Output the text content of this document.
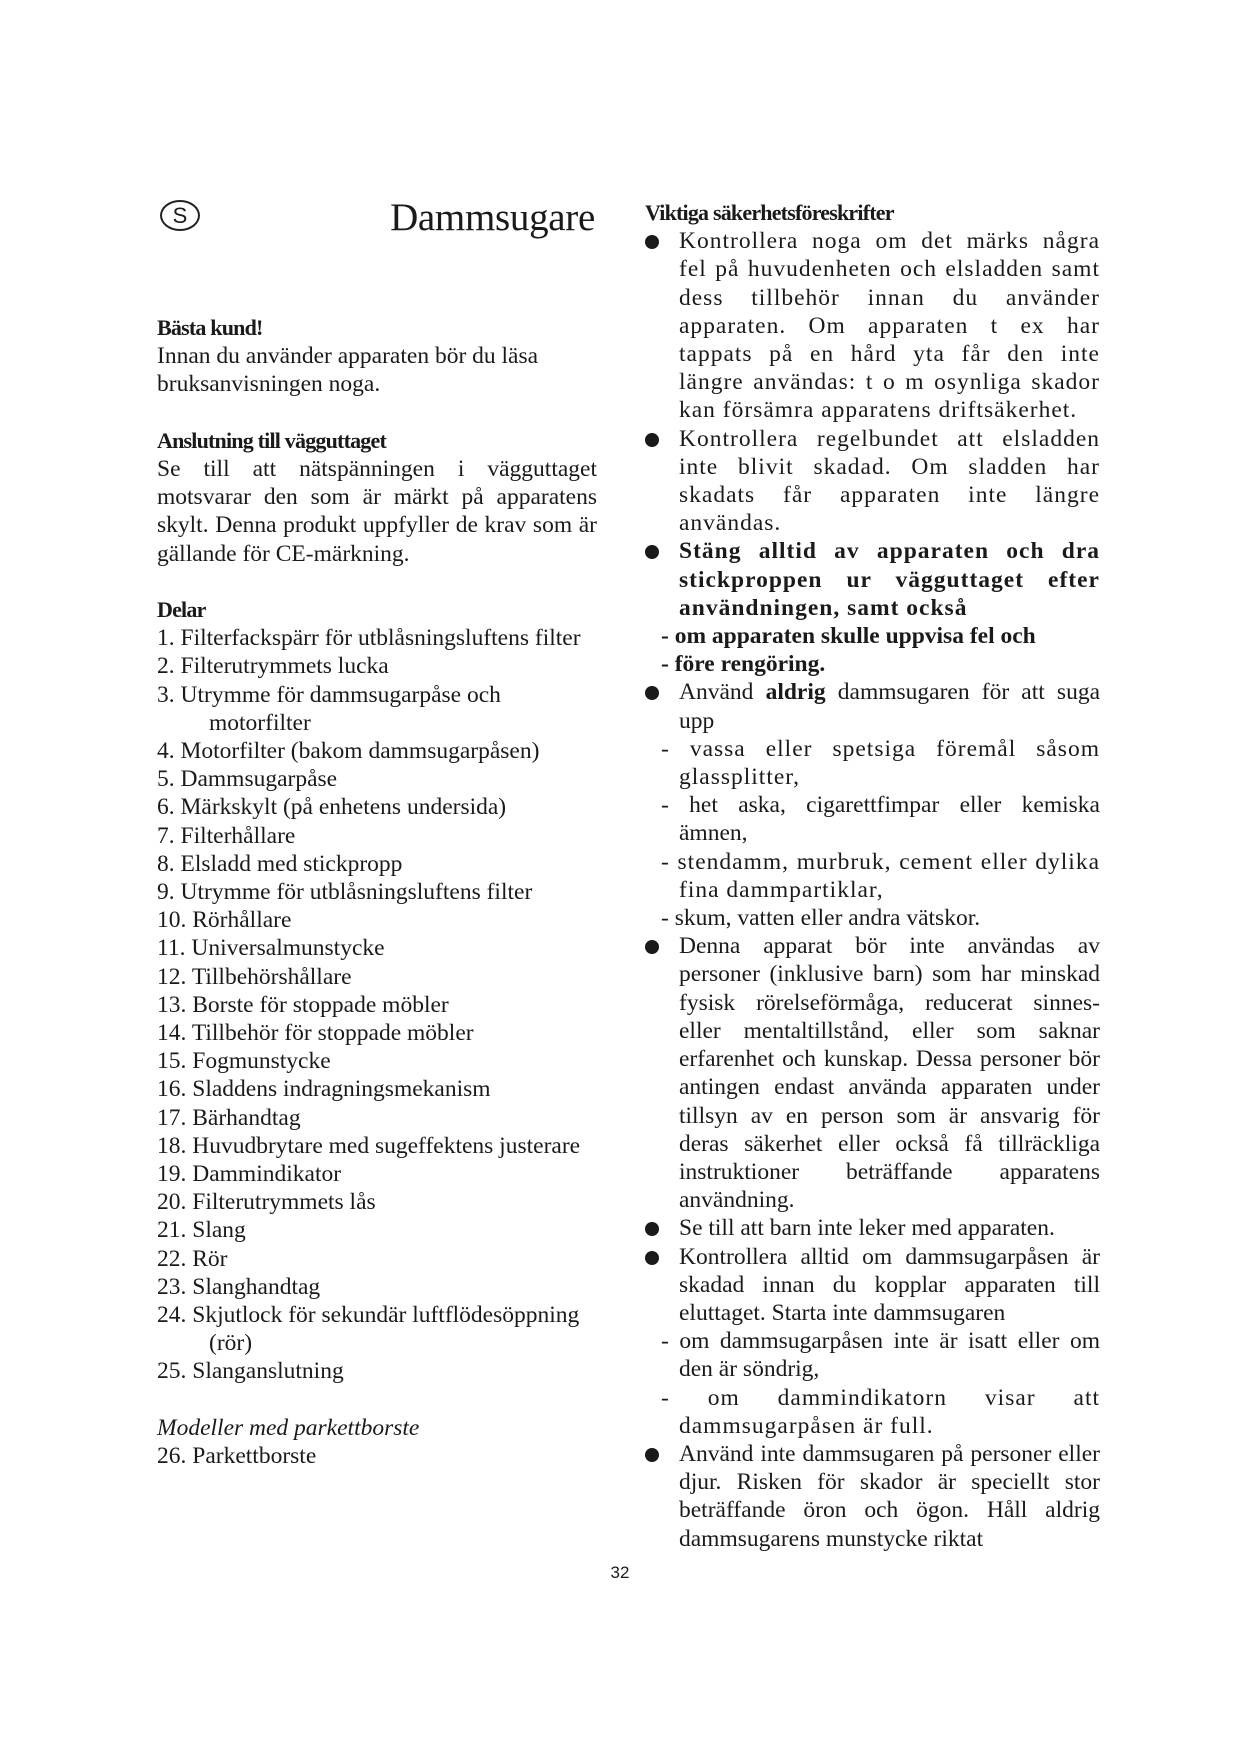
S	Dammsugare
Bästa kund!

Innan du använder apparaten bör du läsa bruksanvisningen noga.

Anslutning till vägguttaget

Se till att nätspänningen i vägguttaget motsvarar den som är märkt på apparatens skylt. Denna produkt uppfyller de krav som är gällande för CE-märkning.

Delar
1. Filterfackspärr för utblåsningsluftens filter
2. Filterutrymmets lucka
3. Utrymme för dammsugarpåse och motorfilter
4. Motorfilter (bakom dammsugarpåsen)
5. Dammsugarpåse
6. Märkskylt (på enhetens undersida)
7. Filterhållare
8. Elsladd med stickpropp
9. Utrymme för utblåsningsluftens filter
10. Rörhållare
11. Universalmunstycke
12. Tillbehörshållare
13. Borste för stoppade möbler
14. Tillbehör för stoppade möbler
15. Fogmunstycke
16. Sladdens indragningsmekanism
17. Bärhandtag
18. Huvudbrytare med sugeffektens justerare
19. Dammindikator
20. Filterutrymmets lås
21. Slang
22. Rör
23. Slanghandtag
24. Skjutlock för sekundär luftflödesöppning (rör)
25. Slanganslutning

Modeller med parkettborste

26. Parkettborste

Viktiga säkerhetsföreskrifter

Kontrollera noga om det märks några fel på huvudenheten och elsladden samt dess tillbehör innan du använder apparaten. Om apparaten t ex har tappats på en hård yta får den inte längre användas: t o m osynliga skador kan försämra apparatens driftsäkerhet.

Kontrollera regelbundet att elsladden inte blivit skadad. Om sladden har skadats får apparaten inte längre användas.

Stäng alltid av apparaten och dra stickproppen ur vägguttaget efter användningen, samt också

- om apparaten skulle uppvisa fel och

- före rengöring.

Använd aldrig dammsugaren för att suga upp

- vassa eller spetsiga föremål såsom glassplitter,

- het aska, cigarettfimpar eller kemiska ämnen,

- stendamm, murbruk, cement eller dylika fina dammpartiklar,

- skum, vatten eller andra vätskor.

Denna apparat bör inte användas av personer (inklusive barn) som har minskad fysisk rörelseförmåga, reducerat sinnes- eller mentaltillstånd, eller som saknar erfarenhet och kunskap. Dessa personer bör antingen endast använda apparaten under tillsyn av en person som är ansvarig för deras säkerhet eller också få tillräckliga instruktioner beträffande apparatens användning.

Se till att barn inte leker med apparaten.

Kontrollera alltid om dammsugarpåsen är skadad innan du kopplar apparaten till eluttaget. Starta inte dammsugaren

- om dammsugarpåsen inte är isatt eller om den är söndrig,

- om dammindikatorn visar att dammsugarpåsen är full.

Använd inte dammsugaren på personer eller djur. Risken för skador är speciellt stor beträffande öron och ögon. Håll aldrig dammsugarens munstycke riktat

32
